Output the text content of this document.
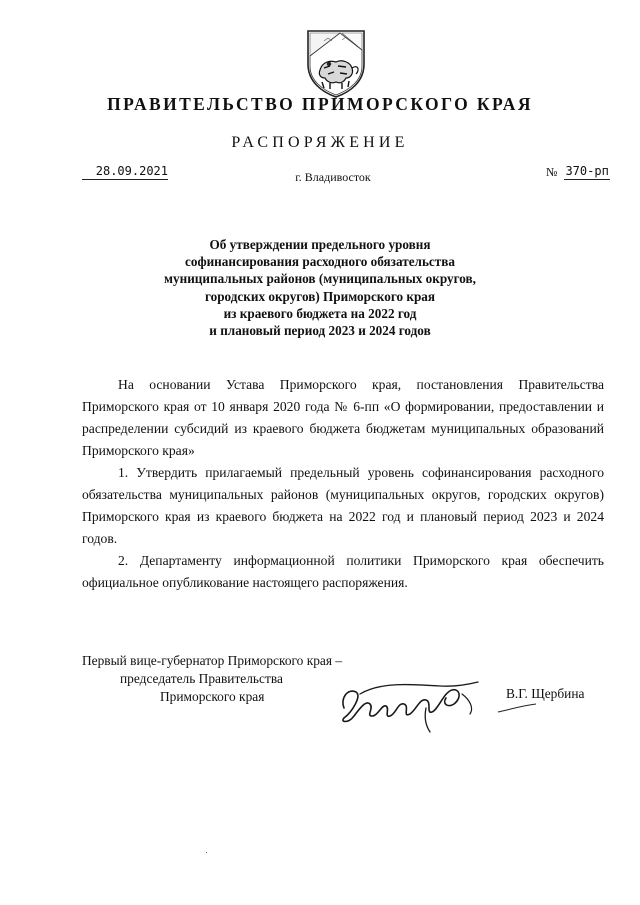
ПРАВИТЕЛЬСТВО ПРИМОРСКОГО КРАЯ
РАСПОРЯЖЕНИЕ
28.09.2021	г. Владивосток	№ 370-рп
Об утверждении предельного уровня
софинансирования расходного обязательства
муниципальных районов (муниципальных округов,
городских округов) Приморского края
из краевого бюджета на 2022 год
и плановый период 2023 и 2024 годов

На основании Устава Приморского края, постановления Правительства Приморского края от 10 января 2020 года № 6-пп «О формировании, предоставлении и распределении субсидий из краевого бюджета бюджетам муниципальных образований Приморского края»

1. Утвердить прилагаемый предельный уровень софинансирования расходного обязательства муниципальных районов (муниципальных округов, городских округов) Приморского края из краевого бюджета на 2022 год и плановый период 2023 и 2024 годов.

2. Департаменту информационной политики Приморского края обеспечить официальное опубликование настоящего распоряжения.

Первый вице-губернатор Приморского края –
председатель Правительства
Приморского края	В.Г. Щербина
